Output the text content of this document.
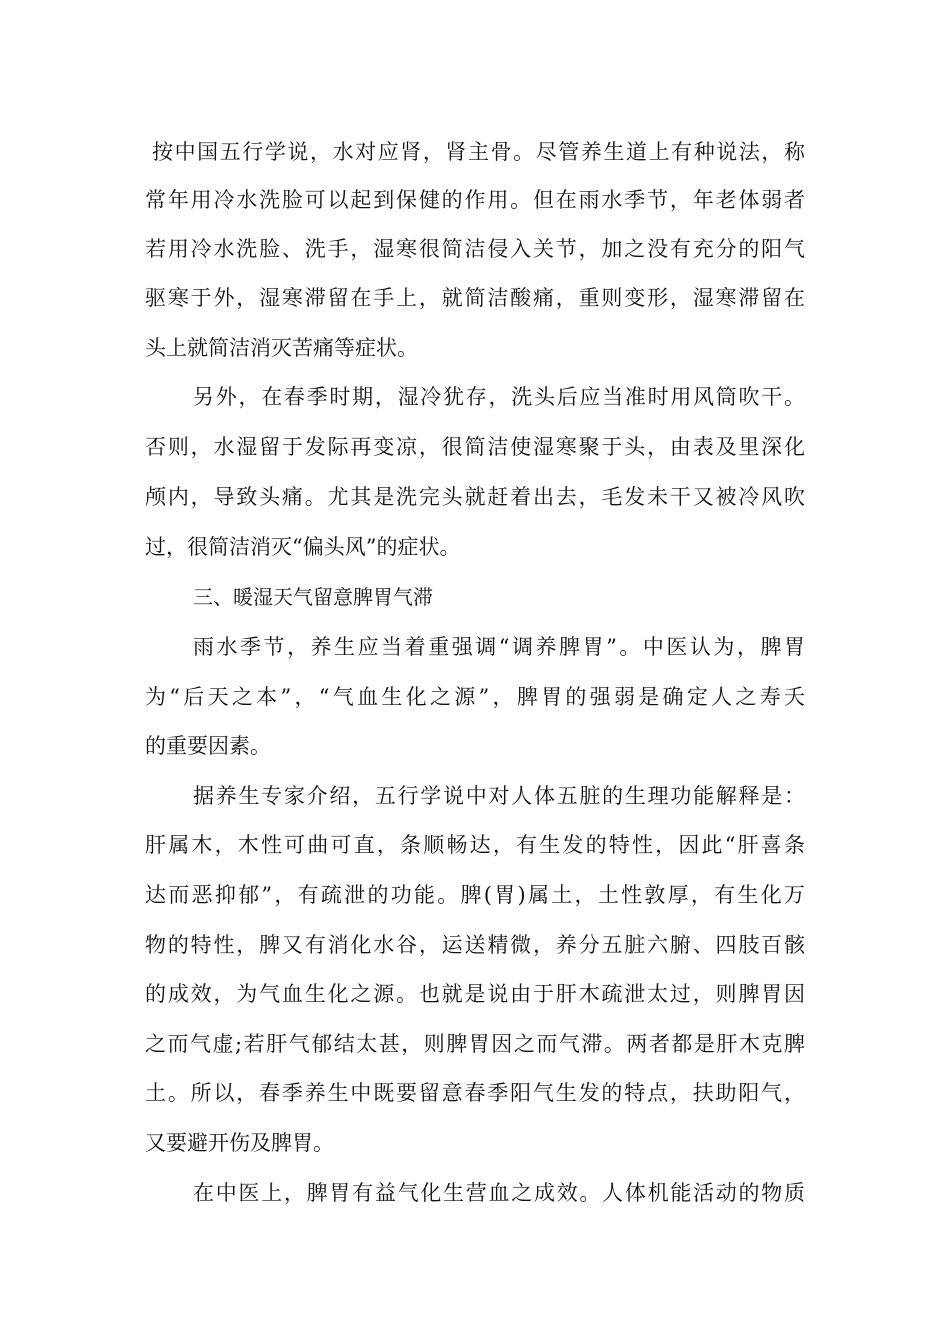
按中国五行学说，水对应肾，肾主骨。尽管养生道上有种说法，称
常年用冷水洗脸可以起到保健的作用。但在雨水季节，年老体弱者
若用冷水洗脸、洗手，湿寒很简洁侵入关节，加之没有充分的阳气
驱寒于外，湿寒滞留在手上，就简洁酸痛，重则变形，湿寒滞留在
头上就简洁消灭苦痛等症状。
另外，在春季时期，湿冷犹存，洗头后应当准时用风筒吹干。
否则，水湿留于发际再变凉，很简洁使湿寒聚于头，由表及里深化
颅内，导致头痛。尤其是洗完头就赶着出去，毛发未干又被冷风吹
过，很简洁消灭“偏头风”的症状。
三、暖湿天气留意脾胃气滞
雨水季节，养生应当着重强调“调养脾胃”。中医认为，脾胃
为“后天之本”，“气血生化之源”，脾胃的强弱是确定人之寿夭
的重要因素。
据养生专家介绍，五行学说中对人体五脏的生理功能解释是：
肝属木，木性可曲可直，条顺畅达，有生发的特性，因此“肝喜条
达而恶抑郁”，有疏泄的功能。脾(胃)属土，土性敦厚，有生化万
物的特性，脾又有消化水谷，运送精微，养分五脏六腑、四肢百骸
的成效，为气血生化之源。也就是说由于肝木疏泄太过，则脾胃因
之而气虚;若肝气郁结太甚，则脾胃因之而气滞。两者都是肝木克脾
土。所以，春季养生中既要留意春季阳气生发的特点，扶助阳气，
又要避开伤及脾胃。
在中医上，脾胃有益气化生营血之成效。人体机能活动的物质
